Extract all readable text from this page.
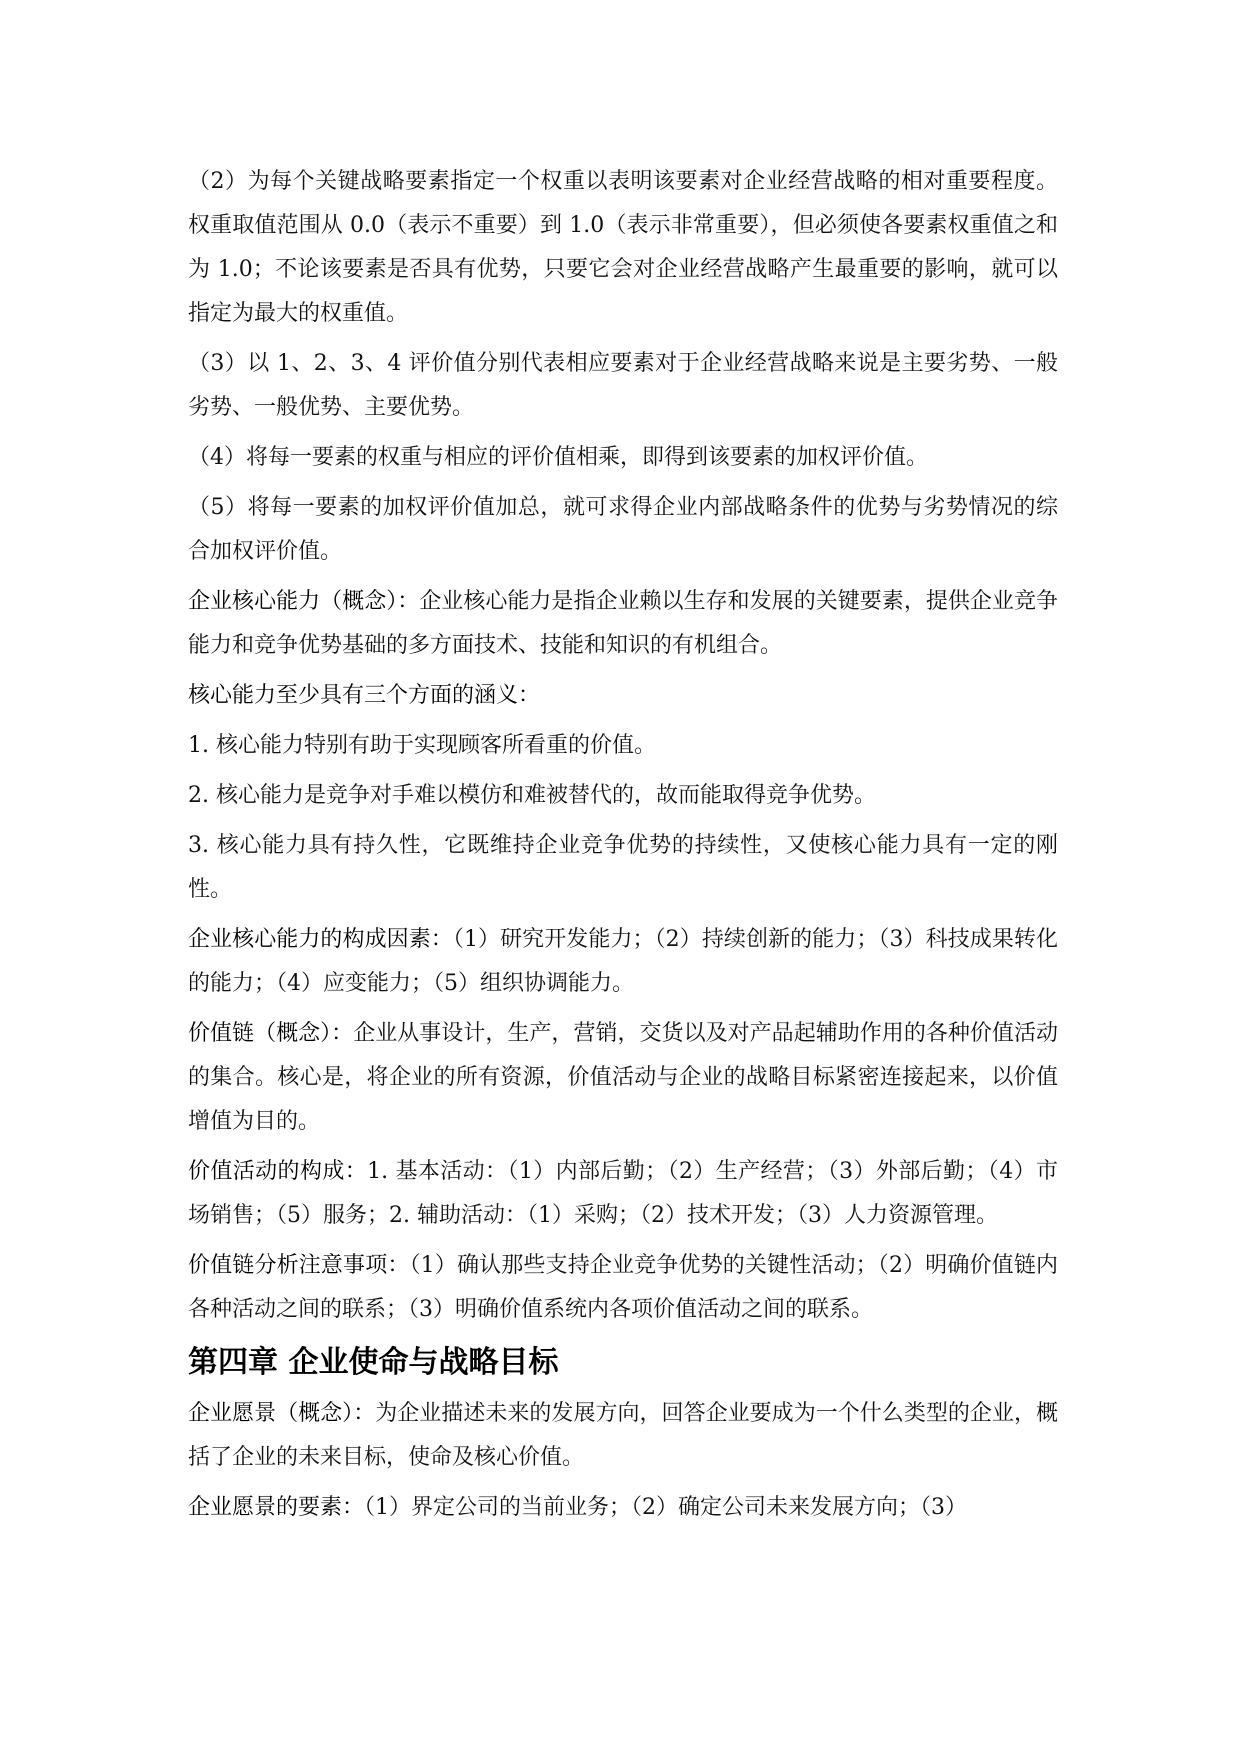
（2）为每个关键战略要素指定一个权重以表明该要素对企业经营战略的相对重要程度。权重取值范围从 0.0（表示不重要）到 1.0（表示非常重要），但必须使各要素权重值之和为 1.0；不论该要素是否具有优势，只要它会对企业经营战略产生最重要的影响，就可以指定为最大的权重值。

（3）以 1、2、3、4 评价值分别代表相应要素对于企业经营战略来说是主要劣势、一般劣势、一般优势、主要优势。

（4）将每一要素的权重与相应的评价值相乘，即得到该要素的加权评价值。

（5）将每一要素的加权评价值加总，就可求得企业内部战略条件的优势与劣势情况的综合加权评价值。

企业核心能力（概念）：企业核心能力是指企业赖以生存和发展的关键要素，提供企业竞争能力和竞争优势基础的多方面技术、技能和知识的有机组合。

核心能力至少具有三个方面的涵义：

1. 核心能力特别有助于实现顾客所看重的价值。

2. 核心能力是竞争对手难以模仿和难被替代的，故而能取得竞争优势。

3. 核心能力具有持久性，它既维持企业竞争优势的持续性，又使核心能力具有一定的刚性。

企业核心能力的构成因素：（1）研究开发能力；（2）持续创新的能力；（3）科技成果转化的能力；（4）应变能力；（5）组织协调能力。

价值链（概念）：企业从事设计，生产，营销，交货以及对产品起辅助作用的各种价值活动的集合。核心是，将企业的所有资源，价值活动与企业的战略目标紧密连接起来，以价值增值为目的。

价值活动的构成：1. 基本活动：（1）内部后勤；（2）生产经营；（3）外部后勤；（4）市场销售；（5）服务；2. 辅助活动：（1）采购；（2）技术开发；（3）人力资源管理。

价值链分析注意事项：（1）确认那些支持企业竞争优势的关键性活动；（2）明确价值链内各种活动之间的联系；（3）明确价值系统内各项价值活动之间的联系。

第四章 企业使命与战略目标

企业愿景（概念）：为企业描述未来的发展方向，回答企业要成为一个什么类型的企业，概括了企业的未来目标，使命及核心价值。

企业愿景的要素：（1）界定公司的当前业务；（2）确定公司未来发展方向；（3）
